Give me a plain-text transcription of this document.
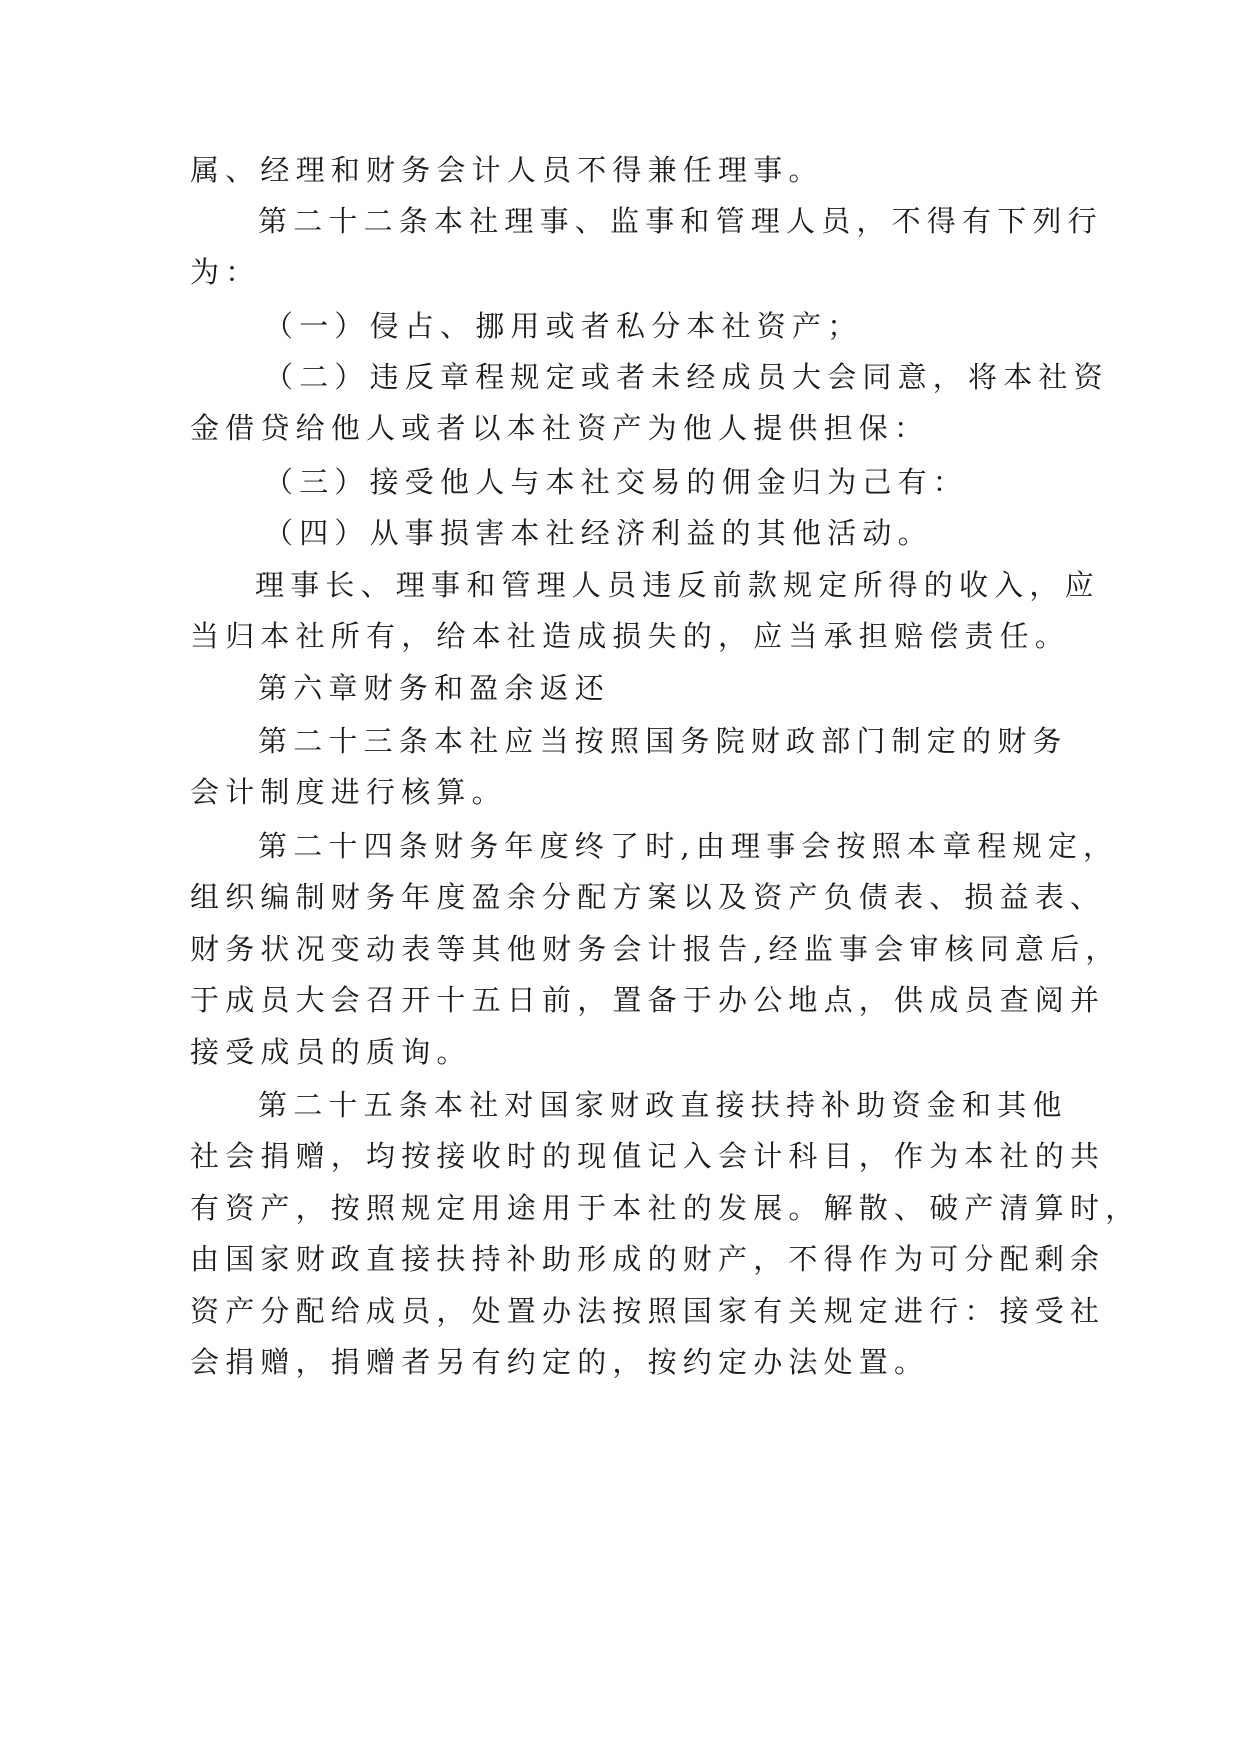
属、经理和财务会计人员不得兼任理事。
第二十二条本社理事、监事和管理人员，不得有下列行
为：
（一）侵占、挪用或者私分本社资产；
（二）违反章程规定或者未经成员大会同意，将本社资
金借贷给他人或者以本社资产为他人提供担保：
（三）接受他人与本社交易的佣金归为己有：
（四）从事损害本社经济利益的其他活动。
理事长、理事和管理人员违反前款规定所得的收入，应
当归本社所有，给本社造成损失的，应当承担赔偿责任。
第六章财务和盈余返还
第二十三条本社应当按照国务院财政部门制定的财务
会计制度进行核算。
第二十四条财务年度终了时,由理事会按照本章程规定，
组织编制财务年度盈余分配方案以及资产负债表、损益表、
财务状况变动表等其他财务会计报告,经监事会审核同意后，
于成员大会召开十五日前，置备于办公地点，供成员查阅并
接受成员的质询。
第二十五条本社对国家财政直接扶持补助资金和其他
社会捐赠，均按接收时的现值记入会计科目，作为本社的共
有资产，按照规定用途用于本社的发展。解散、破产清算时，
由国家财政直接扶持补助形成的财产，不得作为可分配剩余
资产分配给成员，处置办法按照国家有关规定进行：接受社
会捐赠，捐赠者另有约定的，按约定办法处置。
